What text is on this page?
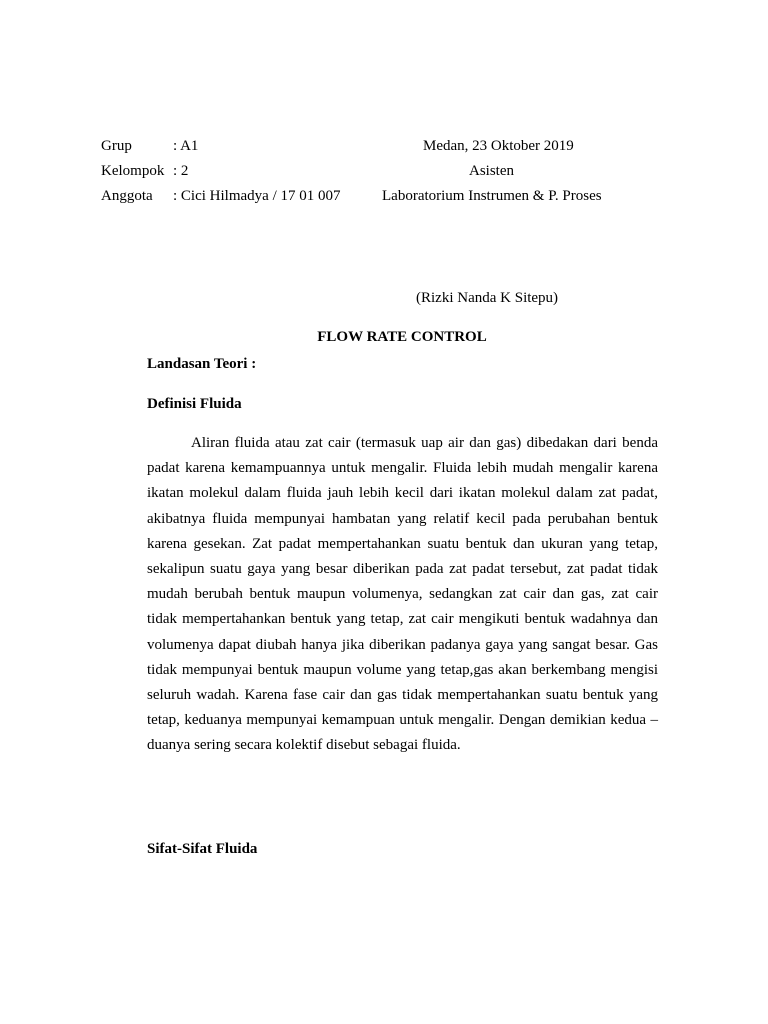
Grup	: A1
Kelompok : 2
Anggota : Cici Hilmadya / 17 01 007
Medan, 23 Oktober 2019
Asisten
Laboratorium Instrumen & P. Proses
(Rizki Nanda K Sitepu)
FLOW RATE CONTROL
Landasan Teori :
Definisi Fluida
Aliran fluida atau zat cair (termasuk uap air dan gas) dibedakan dari benda padat karena kemampuannya untuk mengalir. Fluida lebih mudah mengalir karena ikatan molekul dalam fluida jauh lebih kecil dari ikatan molekul dalam zat padat, akibatnya fluida mempunyai hambatan yang relatif kecil pada perubahan bentuk karena gesekan. Zat padat mempertahankan suatu bentuk dan ukuran yang tetap, sekalipun suatu gaya yang besar diberikan pada zat padat tersebut, zat padat tidak mudah berubah bentuk maupun volumenya, sedangkan zat cair dan gas, zat cair tidak mempertahankan bentuk yang tetap, zat cair mengikuti bentuk wadahnya dan volumenya dapat diubah hanya jika diberikan padanya gaya yang sangat besar. Gas tidak mempunyai bentuk maupun volume yang tetap,gas akan berkembang mengisi seluruh wadah. Karena fase cair dan gas tidak mempertahankan suatu bentuk yang tetap, keduanya mempunyai kemampuan untuk mengalir. Dengan demikian kedua – duanya sering secara kolektif disebut sebagai fluida.
Sifat-Sifat Fluida
